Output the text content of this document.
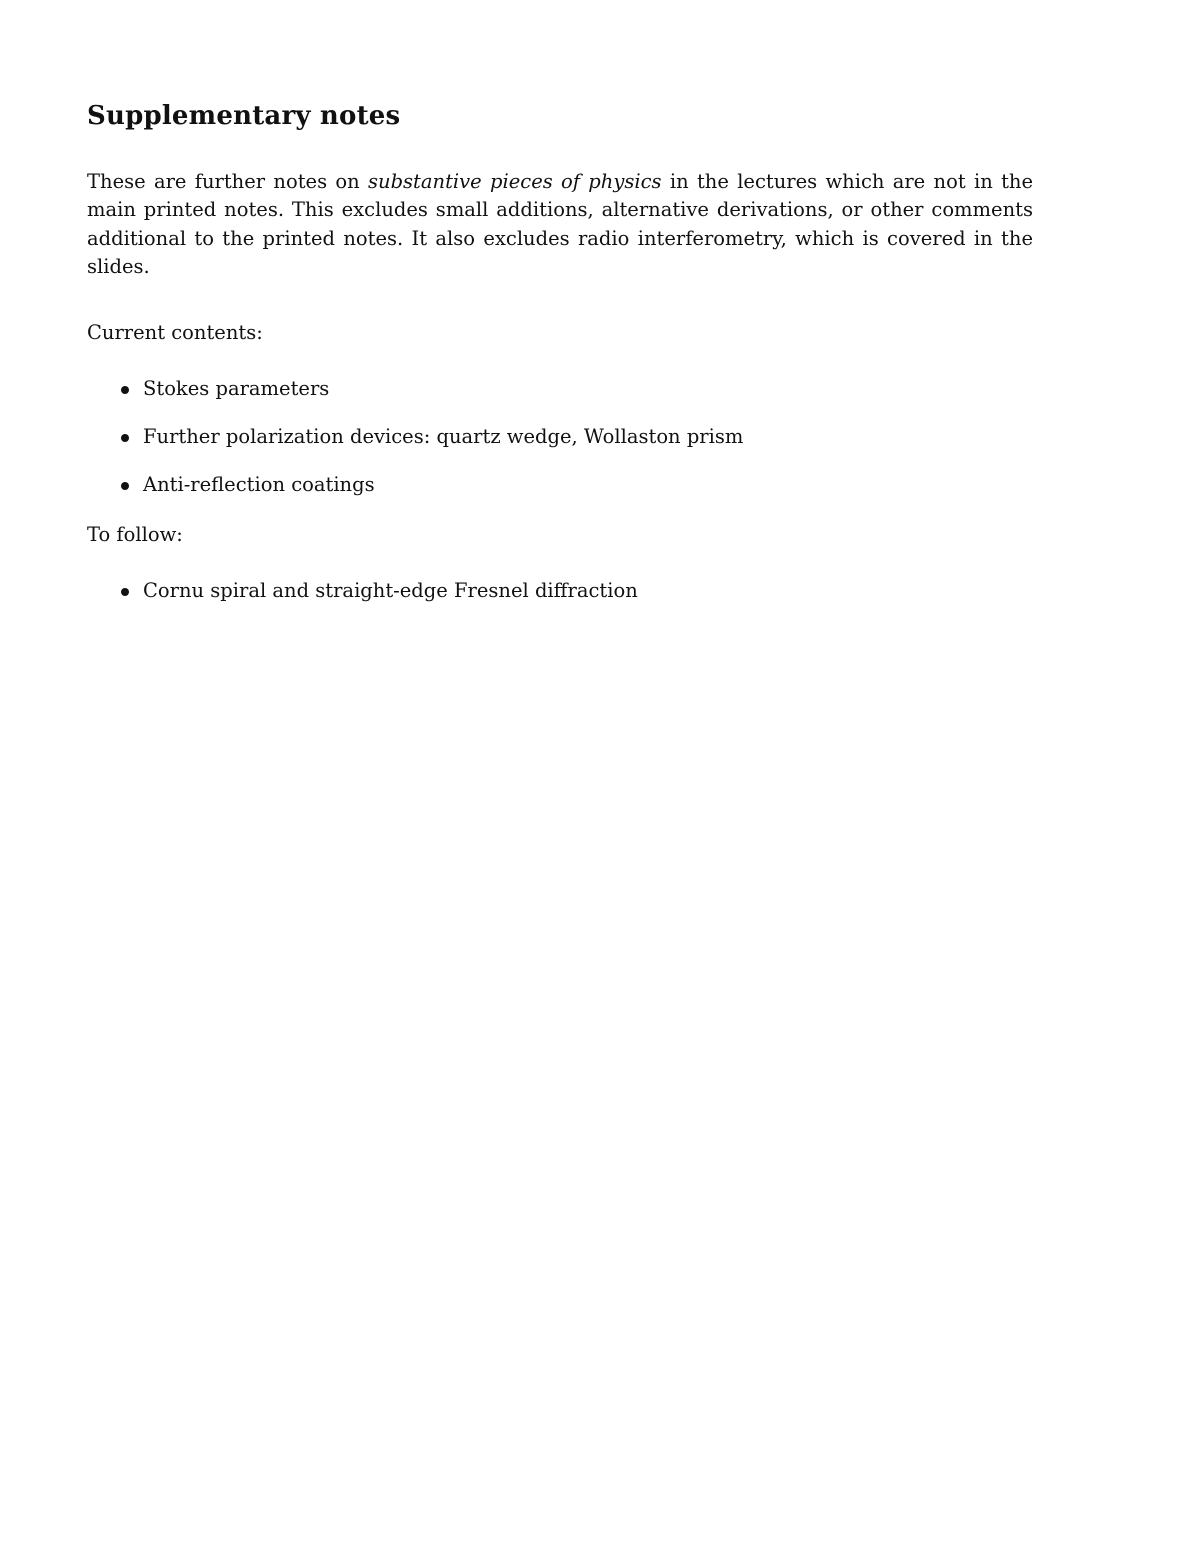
Supplementary notes

These are further notes on substantive pieces of physics in the lectures which are not in the main printed notes. This excludes small additions, alternative derivations, or other comments additional to the printed notes. It also excludes radio interferometry, which is covered in the slides.

Current contents:

Stokes parameters
Further polarization devices: quartz wedge, Wollaston prism
Anti-reflection coatings

To follow:

Cornu spiral and straight-edge Fresnel diffraction
